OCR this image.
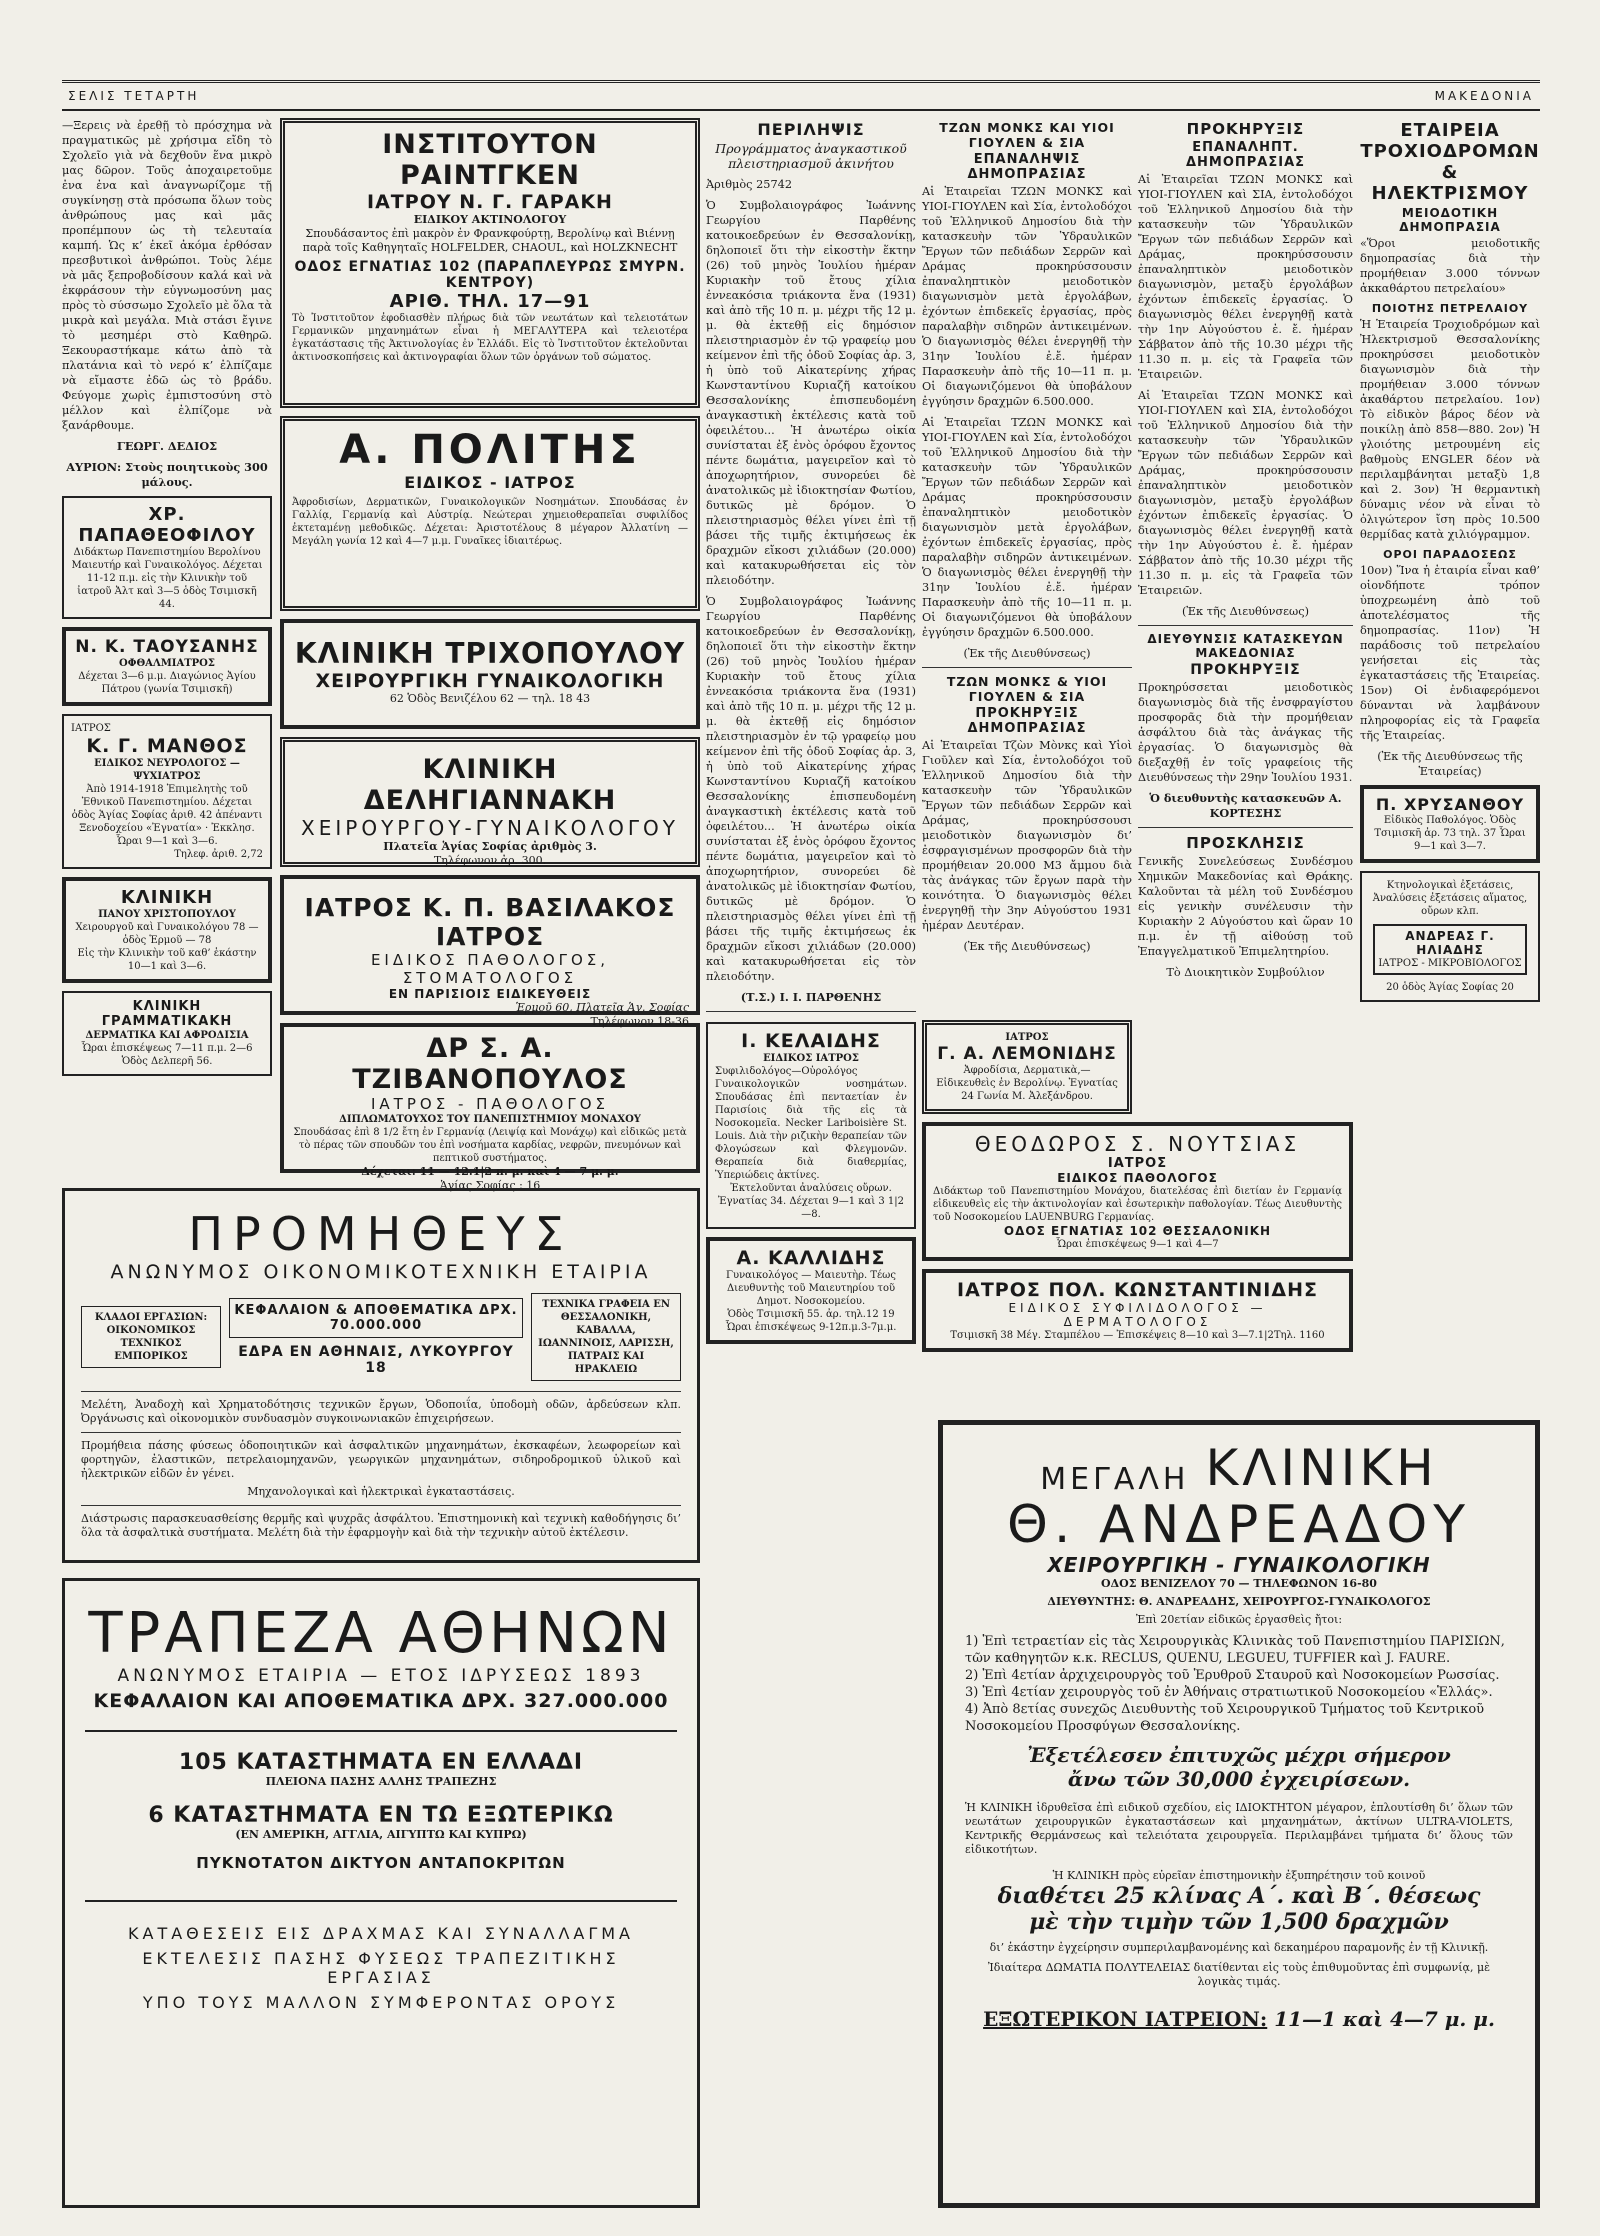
ΣΕΛΙΣ ΤΕΤΑΡΤΗ	ΜΑΚΕΔΟΝΙΑ

—Ξερεις νὰ ἐρεθῇ τὸ πρόσχημα νὰ πραγματικῶς μὲ χρήσιμα εἴδη τὸ Σχολεῖο γιὰ νὰ δεχθοῦν ἕνα μικρὸ μας δῶρον. Τοῦς ἀποχαιρετοῦμε ἐνα ἐνα καὶ ἀναγνωρίζομε τῇ συγκίνησῃ στὰ πρόσωπα ὅλων τοὺς ἀνθρώπους μας καὶ μᾶς προπέμπουν ὡς τὴ τελευταία καμπή. Ὡς κ’ ἐκεῖ ἀκόμα ἐρθόσαν πρεσβυτικοὶ ἀνθρώποι. Τοὺς λέμε νὰ μᾶς ξεπροβοδίσουν καλά καὶ νὰ ἐκφράσουν τὴν εὐγνωμοσύνη μας πρὸς τὸ σύσσωμο Σχολεῖο μὲ ὅλα τὰ μικρὰ καὶ μεγάλα. Μιὰ στάσι ἔγινε τὸ μεσημέρι στὸ Καθηρῶ. Ξεκουραστήκαμε κάτω ἀπὸ τὰ πλατάνια καὶ τὸ νερό κ’ ἐλπίζαμε νὰ εἴμαστε ἐδῶ ὡς τὸ βράδυ. Φεύγομε χωρὶς ἐμπιστοσύνη στὸ μέλλον καὶ ἐλπίζομε νὰ ξανάρθουμε.

ΓΕΩΡΓ. ΔΕΔΙΟΣ

ΑΥΡΙΟΝ: Στοὺς ποιητικοὺς 300 μάλους.

ΧΡ. ΠΑΠΑΘΕΟΦΙΛΟΥ
Διδάκτωρ Πανεπιστημίου Βερολίνου Μαιευτήρ καὶ Γυναικολόγος. Δέχεται 11-12 π.μ. εἰς τὴν Κλινικὴν τοῦ ἰατροῦ Ἀλτ καὶ 3—5 ὁδὸς Τσιμισκῆ 44.
Ν. Κ. ΤΑΟΥΣΑΝΗΣ
ΟΦΘΑΛΜΙΑΤΡΟΣ
Δέχεται 3—6 μ.μ. Διαγώνιος Ἀγίου Πάτρου (γωνία Τσιμισκῆ)
ΙΑΤΡΟΣ
Κ. Γ. ΜΑΝΘΟΣ
ΕΙΔΙΚΟΣ ΝΕΥΡΟΛΟΓΟΣ — ΨΥΧΙΑΤΡΟΣ
Ἀπὸ 1914-1918 Ἐπιμελητὴς τοῦ Ἐθνικοῦ Πανεπιστημίου. Δέχεται ὁδὸς Ἁγίας Σοφίας ἀριθ. 42 ἀπέναντι Ξενοδοχείου «Ἐγνατία» · Ἐκκλησ. Ὧραι 9—1 καὶ 3—6.
Τηλεφ. ἀριθ. 2,72
ΚΛΙΝΙΚΗ
ΠΑΝΟΥ ΧΡΙΣΤΟΠΟΥΛΟΥ
Χειρουργοῦ καὶ Γυναικολόγου 78 — ὁδὸς Ἑρμοῦ — 78
Εἰς τὴν Κλινικὴν τοῦ καθ’ ἑκάστην 10—1 καὶ 3—6.
ΚΛΙΝΙΚΗ ΓΡΑΜΜΑΤΙΚΑΚΗ
ΔΕΡΜΑΤΙΚΑ ΚΑΙ ΑΦΡΟΔΙΣΙΑ
Ὧραι ἐπισκέψεως 7—11 π.μ. 2—6 Ὁδὸς Δελπερῆ 56.
ΙΝΣΤΙΤΟΥΤΟΝ ΡΑΙΝΤΓΚΕΝ
ΙΑΤΡΟΥ Ν. Γ. ΓΑΡΑΚΗ
ΕΙΔΙΚΟΥ ΑΚΤΙΝΟΛΟΓΟΥ
Σπουδάσαντος ἐπὶ μακρὸν ἐν Φρανκφούρτῃ, Βερολίνῳ καὶ Βιέννῃ παρὰ τοῖς Καθηγηταῖς HOLFELDER, CHAOUL, καὶ HOLZKNECHT
ΟΔΟΣ ΕΓΝΑΤΙΑΣ 102 (ΠΑΡΑΠΛΕΥΡΩΣ ΣΜΥΡΝ. ΚΕΝΤΡΟΥ)
ΑΡΙΘ. ΤΗΛ. 17—91
Τὸ Ἰνστιτοῦτον ἐφοδιασθὲν πλήρως διὰ τῶν νεωτάτων καὶ τελειοτάτων Γερμανικῶν μηχανημάτων εἶναι ἡ ΜΕΓΑΛΥΤΕΡΑ καὶ τελειοτέρα ἐγκατάστασις τῆς Ἀκτινολογίας ἐν Ἑλλάδι. Εἰς τὸ Ἰνστιτοῦτον ἐκτελοῦνται ἀκτινοσκοπήσεις καὶ ἀκτινογραφίαι ὅλων τῶν ὀργάνων τοῦ σώματος.
Α. ΠΟΛΙΤΗΣ
ΕΙΔΙΚΟΣ - ΙΑΤΡΟΣ
Ἀφροδισίων, Δερματικῶν, Γυναικολογικῶν Νοσημάτων. Σπουδάσας ἐν Γαλλίᾳ, Γερμανίᾳ καὶ Αὐστρίᾳ. Νεώτεραι χημειοθεραπεῖαι συφιλίδος ἐκτεταμένῃ μεθοδικῶς. Δέχεται: Ἀριστοτέλους 8 μέγαρον Ἀλλατίνη — Μεγάλη γωνία 12 καὶ 4—7 μ.μ. Γυναῖκες ἰδιαιτέρως.
ΚΛΙΝΙΚΗ ΤΡΙΧΟΠΟΥΛΟΥ
ΧΕΙΡΟΥΡΓΙΚΗ ΓΥΝΑΙΚΟΛΟΓΙΚΗ
62 Ὁδὸς Βενιζέλου 62 — τηλ. 18 43
ΚΛΙΝΙΚΗ ΔΕΛΗΓΙΑΝΝΑΚΗ
ΧΕΙΡΟΥΡΓΟΥ-ΓΥΝΑΙΚΟΛΟΓΟΥ
Πλατεῖα Ἁγίας Σοφίας ἀριθμὸς 3.
Τηλέφωνον ἀρ. 300.
ΙΑΤΡΟΣ Κ. Π. ΒΑΣΙΛΑΚΟΣ ΙΑΤΡΟΣ
ΕΙΔΙΚΟΣ ΠΑΘΟΛΟΓΟΣ, ΣΤΟΜΑΤΟΛΟΓΟΣ
ΕΝ ΠΑΡΙΣΙΟΙΣ ΕΙΔΙΚΕΥΘΕΙΣ
Ἑρμοῦ 60, Πλατεῖα Ἁγ. Σοφίας
Τηλέφωνον 18-36
ΔΡ Σ. Α. ΤΖΙΒΑΝΟΠΟΥΛΟΣ
ΙΑΤΡΟΣ - ΠΑΘΟΛΟΓΟΣ
ΔΙΠΛΩΜΑΤΟΥΧΟΣ ΤΟΥ ΠΑΝΕΠΙΣΤΗΜΙΟΥ ΜΟΝΑΧΟΥ
Σπουδάσας ἐπὶ 8 1/2 ἔτη ἐν Γερμανίᾳ (Λειψίᾳ καὶ Μονάχῳ) καὶ εἰδικῶς μετὰ τὸ πέρας τῶν σπουδῶν του ἐπὶ νοσήματα καρδίας, νεφρῶν, πνευμόνων καὶ πεπτικοῦ συστήματος.
Δέχεται: 11 — 12.1|2 π. μ. καὶ 4 — 7 μ. μ.
Ἁγίας Σοφίας : 16
ΠΡΟΜΗΘΕΥΣ
ΑΝΩΝΥΜΟΣ ΟΙΚΟΝΟΜΙΚΟΤΕΧΝΙΚΗ ΕΤΑΙΡΙΑ
ΚΛΑΔΟΙ ΕΡΓΑΣΙΩΝ: ΟΙΚΟΝΟΜΙΚΟΣ ΤΕΧΝΙΚΟΣ ΕΜΠΟΡΙΚΟΣ
ΚΕΦΑΛΑΙΟΝ & ΑΠΟΘΕΜΑΤΙΚΑ ΔΡΧ. 70.000.000
ΕΔΡΑ ΕΝ ΑΘΗΝΑΙΣ, ΛΥΚΟΥΡΓΟΥ 18
ΤΕΧΝΙΚΑ ΓΡΑΦΕΙΑ ΕΝ ΘΕΣΣΑΛΟΝΙΚΗ, ΚΑΒΑΛΛΑ, ΙΩΑΝΝΙΝΟΙΣ, ΛΑΡΙΣΣΗ, ΠΑΤΡΑΙΣ ΚΑΙ ΗΡΑΚΛΕΙΩ
Μελέτη, Ἀναδοχὴ καὶ Χρηματοδότησις τεχνικῶν ἔργων, Ὁδοποιΐα, ὑποδομὴ οδῶν, ἀρδεύσεων κλπ. Ὀργάνωσις καὶ οἰκονομικὸν συνδυασμὸν συγκοινωνιακῶν ἐπιχειρήσεων.
Προμήθεια πάσης φύσεως ὁδοποιητικῶν καὶ ἀσφαλτικῶν μηχανημάτων, ἐκσκαφέων, λεωφορείων καὶ φορτηγῶν, ἐλαστικῶν, πετρελαιομηχανῶν, γεωργικῶν μηχανημάτων, σιδηροδρομικοῦ ὑλικοῦ καὶ ἠλεκτρικῶν εἰδῶν ἐν γένει.
Μηχανολογικαὶ καὶ ἠλεκτρικαὶ ἐγκαταστάσεις.
Διάστρωσις παρασκευασθείσης θερμῆς καὶ ψυχρᾶς ἀσφάλτου. Ἐπιστημονικὴ καὶ τεχνικὴ καθοδήγησις δι’ ὅλα τὰ ἀσφαλτικὰ συστήματα. Μελέτη διὰ τὴν ἐφαρμογὴν καὶ διὰ τὴν τεχνικὴν αὐτοῦ ἐκτέλεσιν.
ΤΡΑΠΕΖΑ ΑΘΗΝΩΝ
ΑΝΩΝΥΜΟΣ ΕΤΑΙΡΙΑ — ΕΤΟΣ ΙΔΡΥΣΕΩΣ 1893
ΚΕΦΑΛΑΙΟΝ ΚΑΙ ΑΠΟΘΕΜΑΤΙΚΑ ΔΡΧ. 327.000.000
105 ΚΑΤΑΣΤΗΜΑΤΑ ΕΝ ΕΛΛΑΔΙ
ΠΛΕΙΟΝΑ ΠΑΣΗΣ ΑΛΛΗΣ ΤΡΑΠΕΖΗΣ
6 ΚΑΤΑΣΤΗΜΑΤΑ ΕΝ ΤΩ ΕΞΩΤΕΡΙΚΩ
(ΕΝ ΑΜΕΡΙΚΗ, ΑΓΓΛΙΑ, ΑΙΓΥΠΤΩ ΚΑΙ ΚΥΠΡΩ)
ΠΥΚΝΟΤΑΤΟΝ ΔΙΚΤΥΟΝ ΑΝΤΑΠΟΚΡΙΤΩΝ
ΚΑΤΑΘΕΣΕΙΣ ΕΙΣ ΔΡΑΧΜΑΣ ΚΑΙ ΣΥΝΑΛΛΑΓΜΑ
ΕΚΤΕΛΕΣΙΣ ΠΑΣΗΣ ΦΥΣΕΩΣ ΤΡΑΠΕΖΙΤΙΚΗΣ ΕΡΓΑΣΙΑΣ
ΥΠΟ ΤΟΥΣ ΜΑΛΛΟΝ ΣΥΜΦΕΡΟΝΤΑΣ ΟΡΟΥΣ
ΠΕΡΙΛΗΨΙΣ
Προγράμματος ἀναγκαστικοῦ πλειστηριασμοῦ ἀκινήτου
Ἀριθμὸς 25742

Ὁ Συμβολαιογράφος Ἰωάννης Γεωργίου Παρθένης κατοικοεδρεύων ἐν Θεσσαλονίκῃ, δηλοποιεῖ ὅτι τὴν εἰκοστὴν ἕκτην (26) τοῦ μηνὸς Ἰουλίου ἡμέραν Κυριακὴν τοῦ ἔτους χίλια ἐννεακόσια τριάκοντα ἕνα (1931) καὶ ἀπὸ τῆς 10 π. μ. μέχρι τῆς 12 μ. μ. θὰ ἐκτεθῇ εἰς δημόσιον πλειστηριασμὸν ἐν τῷ γραφείῳ μου κείμενον ἐπὶ τῆς ὁδοῦ Σοφίας ἀρ. 3, ἡ ὑπὸ τοῦ Αἰκατερίνης χήρας Κωνσταντίνου Κυριαζῆ κατοίκου Θεσσαλονίκης ἐπισπευδομένη ἀναγκαστικὴ ἐκτέλεσις κατὰ τοῦ ὀφειλέτου... Ἡ ἀνωτέρω οἰκία συνίσταται ἐξ ἑνὸς ὀρόφου ἔχοντος πέντε δωμάτια, μαγειρεῖον καὶ τὸ ἀποχωρητήριον, συνορεύει δὲ ἀνατολικῶς μὲ ἰδιοκτησίαν Φωτίου, δυτικῶς μὲ δρόμον. Ὁ πλειστηριασμὸς θέλει γίνει ἐπὶ τῇ βάσει τῆς τιμῆς ἐκτιμήσεως ἐκ δραχμῶν εἴκοσι χιλιάδων (20.000) καὶ κατακυρωθήσεται εἰς τὸν πλειοδότην.

Ὁ Συμβολαιογράφος Ἰωάννης Γεωργίου Παρθένης κατοικοεδρεύων ἐν Θεσσαλονίκῃ, δηλοποιεῖ ὅτι τὴν εἰκοστὴν ἕκτην (26) τοῦ μηνὸς Ἰουλίου ἡμέραν Κυριακὴν τοῦ ἔτους χίλια ἐννεακόσια τριάκοντα ἕνα (1931) καὶ ἀπὸ τῆς 10 π. μ. μέχρι τῆς 12 μ. μ. θὰ ἐκτεθῇ εἰς δημόσιον πλειστηριασμὸν ἐν τῷ γραφείῳ μου κείμενον ἐπὶ τῆς ὁδοῦ Σοφίας ἀρ. 3, ἡ ὑπὸ τοῦ Αἰκατερίνης χήρας Κωνσταντίνου Κυριαζῆ κατοίκου Θεσσαλονίκης ἐπισπευδομένη ἀναγκαστικὴ ἐκτέλεσις κατὰ τοῦ ὀφειλέτου... Ἡ ἀνωτέρω οἰκία συνίσταται ἐξ ἑνὸς ὀρόφου ἔχοντος πέντε δωμάτια, μαγειρεῖον καὶ τὸ ἀποχωρητήριον, συνορεύει δὲ ἀνατολικῶς μὲ ἰδιοκτησίαν Φωτίου, δυτικῶς μὲ δρόμον. Ὁ πλειστηριασμὸς θέλει γίνει ἐπὶ τῇ βάσει τῆς τιμῆς ἐκτιμήσεως ἐκ δραχμῶν εἴκοσι χιλιάδων (20.000) καὶ κατακυρωθήσεται εἰς τὸν πλειοδότην.

(Τ.Σ.) Ι. Ι. ΠΑΡΘΕΝΗΣ

Ι. ΚΕΛΑΙΔΗΣ
ΕΙΔΙΚΟΣ ΙΑΤΡΟΣ
Συφιλιδολόγος—Οὐρολόγος Γυναικολογικῶν νοσημάτων. Σπουδάσας ἐπὶ πενταετίαν ἐν Παρισίοις διὰ τῆς εἰς τὰ Νοσοκομεῖα. Necker Lariboisière St. Louis. Διὰ τὴν ριζικὴν θεραπείαν τῶν Φλογώσεων καὶ Φλεγμονῶν. Θεραπεία διὰ διαθερμίας, Ὑπεριώδεις ἀκτίνες.
Ἐκτελοῦνται ἀναλύσεις οὔρων. Ἐγνατίας 34. Δέχεται 9—1 καὶ 3 1|2—8.
Α. ΚΑΛΛΙΔΗΣ
Γυναικολόγος — Μαιευτὴρ. Τέως Διευθυντὴς τοῦ Μαιευτηρίου τοῦ Δημοτ. Νοσοκομείου.
Ὁδὸς Τσιμισκῆ 55. ἀρ. τηλ.12 19
Ὧραι ἐπισκέψεως 9-12π.μ.3-7μ.μ.
ΤΖΩΝ ΜΟΝΚΣ ΚΑΙ ΥΙΟΙ ΓΙΟΥΛΕΝ & ΣΙΑ
ΕΠΑΝΑΛΗΨΙΣ ΔΗΜΟΠΡΑΣΙΑΣ

Αἱ Ἑταιρεῖαι ΤΖΩΝ ΜΟΝΚΣ καὶ ΥΙΟΙ-ΓΙΟΥΛΕΝ καὶ Σία, ἐντολοδόχοι τοῦ Ἑλληνικοῦ Δημοσίου διὰ τὴν κατασκευὴν τῶν Ὑδραυλικῶν Ἔργων τῶν πεδιάδων Σερρῶν καὶ Δράμας προκηρύσσουσιν ἐπαναληπτικὸν μειοδοτικὸν διαγωνισμὸν μετὰ ἐργολάβων, ἐχόντων ἐπιδεκεῖς ἐργασίας, πρὸς παραλαβὴν σιδηρῶν ἀντικειμένων. Ὁ διαγωνισμὸς θέλει ἐνεργηθῇ τὴν 31ην Ἰουλίου ἐ.ἔ. ἡμέραν Παρασκευὴν ἀπὸ τῆς 10—11 π. μ. Οἱ διαγωνιζόμενοι θὰ ὑποβάλουν ἐγγύησιν δραχμῶν 6.500.000.

Αἱ Ἑταιρεῖαι ΤΖΩΝ ΜΟΝΚΣ καὶ ΥΙΟΙ-ΓΙΟΥΛΕΝ καὶ Σία, ἐντολοδόχοι τοῦ Ἑλληνικοῦ Δημοσίου διὰ τὴν κατασκευὴν τῶν Ὑδραυλικῶν Ἔργων τῶν πεδιάδων Σερρῶν καὶ Δράμας προκηρύσσουσιν ἐπαναληπτικὸν μειοδοτικὸν διαγωνισμὸν μετὰ ἐργολάβων, ἐχόντων ἐπιδεκεῖς ἐργασίας, πρὸς παραλαβὴν σιδηρῶν ἀντικειμένων. Ὁ διαγωνισμὸς θέλει ἐνεργηθῇ τὴν 31ην Ἰουλίου ἐ.ἔ. ἡμέραν Παρασκευὴν ἀπὸ τῆς 10—11 π. μ. Οἱ διαγωνιζόμενοι θὰ ὑποβάλουν ἐγγύησιν δραχμῶν 6.500.000.

(Ἐκ τῆς Διευθύνσεως)

ΤΖΩΝ ΜΟΝΚΣ & ΥΙΟΙ ΓΙΟΥΛΕΝ & ΣΙΑ
ΠΡΟΚΗΡΥΞΙΣ ΔΗΜΟΠΡΑΣΙΑΣ

Αἱ Ἑταιρεῖαι Τζὼν Μὸνκς καὶ Υἱοὶ Γιοῦλεν καὶ Σία, ἐντολοδόχοι τοῦ Ἑλληνικοῦ Δημοσίου διὰ τὴν κατασκευὴν τῶν Ὑδραυλικῶν Ἔργων τῶν πεδιάδων Σερρῶν καὶ Δράμας, προκηρύσσουσι μειοδοτικὸν διαγωνισμὸν δι’ ἐσφραγισμένων προσφορῶν διὰ τὴν προμήθειαν 20.000 Μ3 ἄμμου διὰ τὰς ἀνάγκας τῶν ἔργων παρὰ τὴν κοινότητα. Ὁ διαγωνισμὸς θέλει ἐνεργηθῇ τὴν 3ην Αὐγούστου 1931 ἡμέραν Δευτέραν.

(Ἐκ τῆς Διευθύνσεως)

ΠΡΟΚΗΡΥΞΙΣ
ΕΠΑΝΑΛΗΠΤ. ΔΗΜΟΠΡΑΣΙΑΣ

Αἱ Ἑταιρεῖαι ΤΖΩΝ ΜΟΝΚΣ καὶ ΥΙΟΙ-ΓΙΟΥΛΕΝ καὶ ΣΙΑ, ἐντολοδόχοι τοῦ Ἑλληνικοῦ Δημοσίου διὰ τὴν κατασκευὴν τῶν Ὑδραυλικῶν Ἔργων τῶν πεδιάδων Σερρῶν καὶ Δράμας, προκηρύσσουσιν ἐπαναληπτικὸν μειοδοτικὸν διαγωνισμὸν, μεταξὺ ἐργολάβων ἐχόντων ἐπιδεκεῖς ἐργασίας. Ὁ διαγωνισμὸς θέλει ἐνεργηθῇ κατὰ τὴν 1ην Αὐγούστου ἐ. ἔ. ἡμέραν Σάββατον ἀπὸ τῆς 10.30 μέχρι τῆς 11.30 π. μ. εἰς τὰ Γραφεῖα τῶν Ἑταιρειῶν.

Αἱ Ἑταιρεῖαι ΤΖΩΝ ΜΟΝΚΣ καὶ ΥΙΟΙ-ΓΙΟΥΛΕΝ καὶ ΣΙΑ, ἐντολοδόχοι τοῦ Ἑλληνικοῦ Δημοσίου διὰ τὴν κατασκευὴν τῶν Ὑδραυλικῶν Ἔργων τῶν πεδιάδων Σερρῶν καὶ Δράμας, προκηρύσσουσιν ἐπαναληπτικὸν μειοδοτικὸν διαγωνισμὸν, μεταξὺ ἐργολάβων ἐχόντων ἐπιδεκεῖς ἐργασίας. Ὁ διαγωνισμὸς θέλει ἐνεργηθῇ κατὰ τὴν 1ην Αὐγούστου ἐ. ἔ. ἡμέραν Σάββατον ἀπὸ τῆς 10.30 μέχρι τῆς 11.30 π. μ. εἰς τὰ Γραφεῖα τῶν Ἑταιρειῶν.

(Ἐκ τῆς Διευθύνσεως)

ΔΙΕΥΘΥΝΣΙΣ ΚΑΤΑΣΚΕΥΩΝ ΜΑΚΕΔΟΝΙΑΣ
ΠΡΟΚΗΡΥΞΙΣ

Προκηρύσσεται μειοδοτικὸς διαγωνισμὸς διὰ τῆς ἐνσφραγίστου προσφορᾶς διὰ τὴν προμήθειαν ἀσφάλτου διὰ τὰς ἀνάγκας τῆς ἐργασίας. Ὁ διαγωνισμὸς θὰ διεξαχθῇ ἐν τοῖς γραφείοις τῆς Διευθύνσεως τὴν 29ην Ἰουλίου 1931.

Ὁ διευθυντὴς κατασκευῶν Α. ΚΟΡΤΕΣΗΣ

ΠΡΟΣΚΛΗΣΙΣ

Γενικῆς Συνελεύσεως Συνδέσμου Χημικῶν Μακεδονίας καὶ Θράκης. Καλοῦνται τὰ μέλη τοῦ Συνδέσμου εἰς γενικὴν συνέλευσιν τὴν Κυριακὴν 2 Αὐγούστου καὶ ὥραν 10 π.μ. ἐν τῇ αἰθούσῃ τοῦ Ἐπαγγελματικοῦ Ἐπιμελητηρίου.

Τὸ Διοικητικὸν Συμβούλιον

ΙΑΤΡΟΣ
Γ. Α. ΛΕΜΟΝΙΔΗΣ
Ἀφροδίσια, Δερματικὰ,—Εἰδικευθεὶς ἐν Βερολίνῳ. Ἐγνατίας 24 Γωνία Μ. Ἀλεξάνδρου.
ΘΕΟΔΩΡΟΣ Σ. ΝΟΥΤΣΙΑΣ
ΙΑΤΡΟΣ
ΕΙΔΙΚΟΣ ΠΑΘΟΛΟΓΟΣ
Διδάκτωρ τοῦ Πανεπιστημίου Μονάχου, διατελέσας ἐπὶ διετίαν ἐν Γερμανίᾳ εἰδικευθεὶς εἰς τὴν ἀκτινολογίαν καὶ ἐσωτερικὴν παθολογίαν. Τέως Διευθυντὴς τοῦ Νοσοκομείου LAUENBURG Γερμανίας.
ΟΔΟΣ ΕΓΝΑΤΙΑΣ 102 ΘΕΣΣΑΛΟΝΙΚΗ
Ὧραι ἐπισκέψεως 9—1 καὶ 4—7
ΙΑΤΡΟΣ ΠΟΛ. ΚΩΝΣΤΑΝΤΙΝΙΔΗΣ
ΕΙΔΙΚΟΣ ΣΥΦΙΛΙΔΟΛΟΓΟΣ — ΔΕΡΜΑΤΟΛΟΓΟΣ
Τσιμισκῆ 38 Μέγ. Σταμπέλου — Ἐπισκέψεις 8—10 καὶ 3—7.1|2Τηλ. 1160
ΕΤΑΙΡΕΙΑ ΤΡΟΧΙΟΔΡΟΜΩΝ & ΗΛΕΚΤΡΙΣΜΟΥ
ΜΕΙΟΔΟΤΙΚΗ ΔΗΜΟΠΡΑΣΙΑ

«Ὅροι μειοδοτικῆς δημοπρασίας διὰ τὴν προμήθειαν 3.000 τόννων ἀκκαθάρτου πετρελαίου»

ΠΟΙΟΤΗΣ ΠΕΤΡΕΛΑΙΟΥ

Ἡ Ἑταιρεία Τροχιοδρόμων καὶ Ἠλεκτρισμοῦ Θεσσαλονίκης προκηρύσσει μειοδοτικὸν διαγωνισμὸν διὰ τὴν προμήθειαν 3.000 τόννων ἀκαθάρτου πετρελαίου. 1ον) Τὸ εἰδικὸν βάρος δέον νὰ ποικίλῃ ἀπὸ 858—880. 2ον) Ἡ γλοιότης μετρουμένη εἰς βαθμοὺς ENGLER δέον νὰ περιλαμβάνηται μεταξὺ 1,8 καὶ 2. 3ον) Ἡ θερμαντικὴ δύναμις νέον νὰ εἶναι τὸ ὀλιγώτερον ἴση πρὸς 10.500 θερμίδας κατὰ χιλιόγραμμον.

ΟΡΟΙ ΠΑΡΑΔΟΣΕΩΣ

10ον) Ἵνα ἡ ἑταιρία εἶναι καθ’ οἱονδήποτε τρόπον ὑποχρεωμένη ἀπὸ τοῦ ἀποτελέσματος τῆς δημοπρασίας. 11ον) Ἡ παράδοσις τοῦ πετρελαίου γενήσεται εἰς τὰς ἐγκαταστάσεις τῆς Ἑταιρείας. 15ον) Οἱ ἐνδιαφερόμενοι δύνανται νὰ λαμβάνουν πληροφορίας εἰς τὰ Γραφεῖα τῆς Ἑταιρείας.

(Ἐκ τῆς Διευθύνσεως τῆς Ἑταιρείας)

Π. ΧΡΥΣΑΝΘΟΥ
Εἰδικὸς Παθολόγος. Ὁδὸς Τσιμισκῆ ἀρ. 73 τηλ. 37 Ὧραι 9—1 καὶ 3—7.
Κτηνολογικαὶ ἐξετάσεις, Ἀναλύσεις ἐξετάσεις αἵματος, οὔρων κλπ.
ΑΝΔΡΕΑΣ Γ. ΗΛΙΑΔΗΣ
ΙΑΤΡΟΣ - ΜΙΚΡΟΒΙΟΛΟΓΟΣ
20 ὁδὸς Ἁγίας Σοφίας 20
ΜΕΓΑΛΗ ΚΛΙΝΙΚΗ
Θ. ΑΝΔΡΕΑΔΟΥ
ΧΕΙΡΟΥΡΓΙΚΗ - ΓΥΝΑΙΚΟΛΟΓΙΚΗ
ΟΔΟΣ ΒΕΝΙΖΕΛΟΥ 70 — ΤΗΛΕΦΩΝΟΝ 16-80
ΔΙΕΥΘΥΝΤΗΣ: Θ. ΑΝΔΡΕΑΔΗΣ, ΧΕΙΡΟΥΡΓΟΣ-ΓΥΝΑΙΚΟΛΟΓΟΣ
Ἐπὶ 20ετίαν εἰδικῶς ἐργασθεὶς ἤτοι:
1) Ἐπὶ τετραετίαν εἰς τὰς Χειρουργικὰς Κλινικὰς τοῦ Πανεπιστημίου ΠΑΡΙΣΙΩΝ, τῶν καθηγητῶν κ.κ. RECLUS, QUENU, LEGUEU, TUFFIER καὶ J. FAURE.
2) Ἐπὶ 4ετίαν ἀρχιχειρουργὸς τοῦ Ἐρυθροῦ Σταυροῦ καὶ Νοσοκομείων Ρωσσίας.
3) Ἐπὶ 4ετίαν χειρουργὸς τοῦ ἐν Ἀθήναις στρατιωτικοῦ Νοσοκομείου «Ἑλλάς».
4) Ἀπὸ 8ετίας συνεχῶς Διευθυντὴς τοῦ Χειρουργικοῦ Τμήματος τοῦ Κεντρικοῦ Νοσοκομείου Προσφύγων Θεσσαλονίκης.
Ἐξετέλεσεν ἐπιτυχῶς μέχρι σήμερον ἄνω τῶν 30,000 ἐγχειρίσεων.
Ἡ ΚΛΙΝΙΚΗ ἱδρυθεῖσα ἐπὶ ειδικοῦ σχεδίου, εἰς ΙΔΙΟΚΤΗΤΟΝ μέγαρον, ἐπλουτίσθη δι’ ὅλων τῶν νεωτάτων χειρουργικῶν ἐγκαταστάσεων καὶ μηχανημάτων, ἀκτίνων ULTRA-VIOLETS, Κεντρικῆς Θερμάνσεως καὶ τελειότατα χειρουργεῖα. Περιλαμβάνει τμήματα δι’ ὅλους τῶν εἰδικοτήτων.
Ἡ ΚΛΙΝΙΚΗ πρὸς εὐρεῖαν ἐπιστημονικὴν ἐξυπηρέτησιν τοῦ κοινοῦ
διαθέτει 25 κλίνας Α΄. καὶ Β΄. θέσεως
μὲ τὴν τιμὴν τῶν 1,500 δραχμῶν
δι’ ἑκάστην ἐγχείρησιν συμπεριλαμβανομένης καὶ δεκαημέρου παραμονῆς ἐν τῇ Κλινικῇ.
Ἰδιαίτερα ΔΩΜΑΤΙΑ ΠΟΛΥΤΕΛΕΙΑΣ διατίθενται εἰς τοὺς ἐπιθυμοῦντας ἐπὶ συμφωνίᾳ, μὲ λογικὰς τιμάς.
ΕΞΩΤΕΡΙΚΟΝ ΙΑΤΡΕΙΟΝ: 11—1 καὶ 4—7 μ. μ.
